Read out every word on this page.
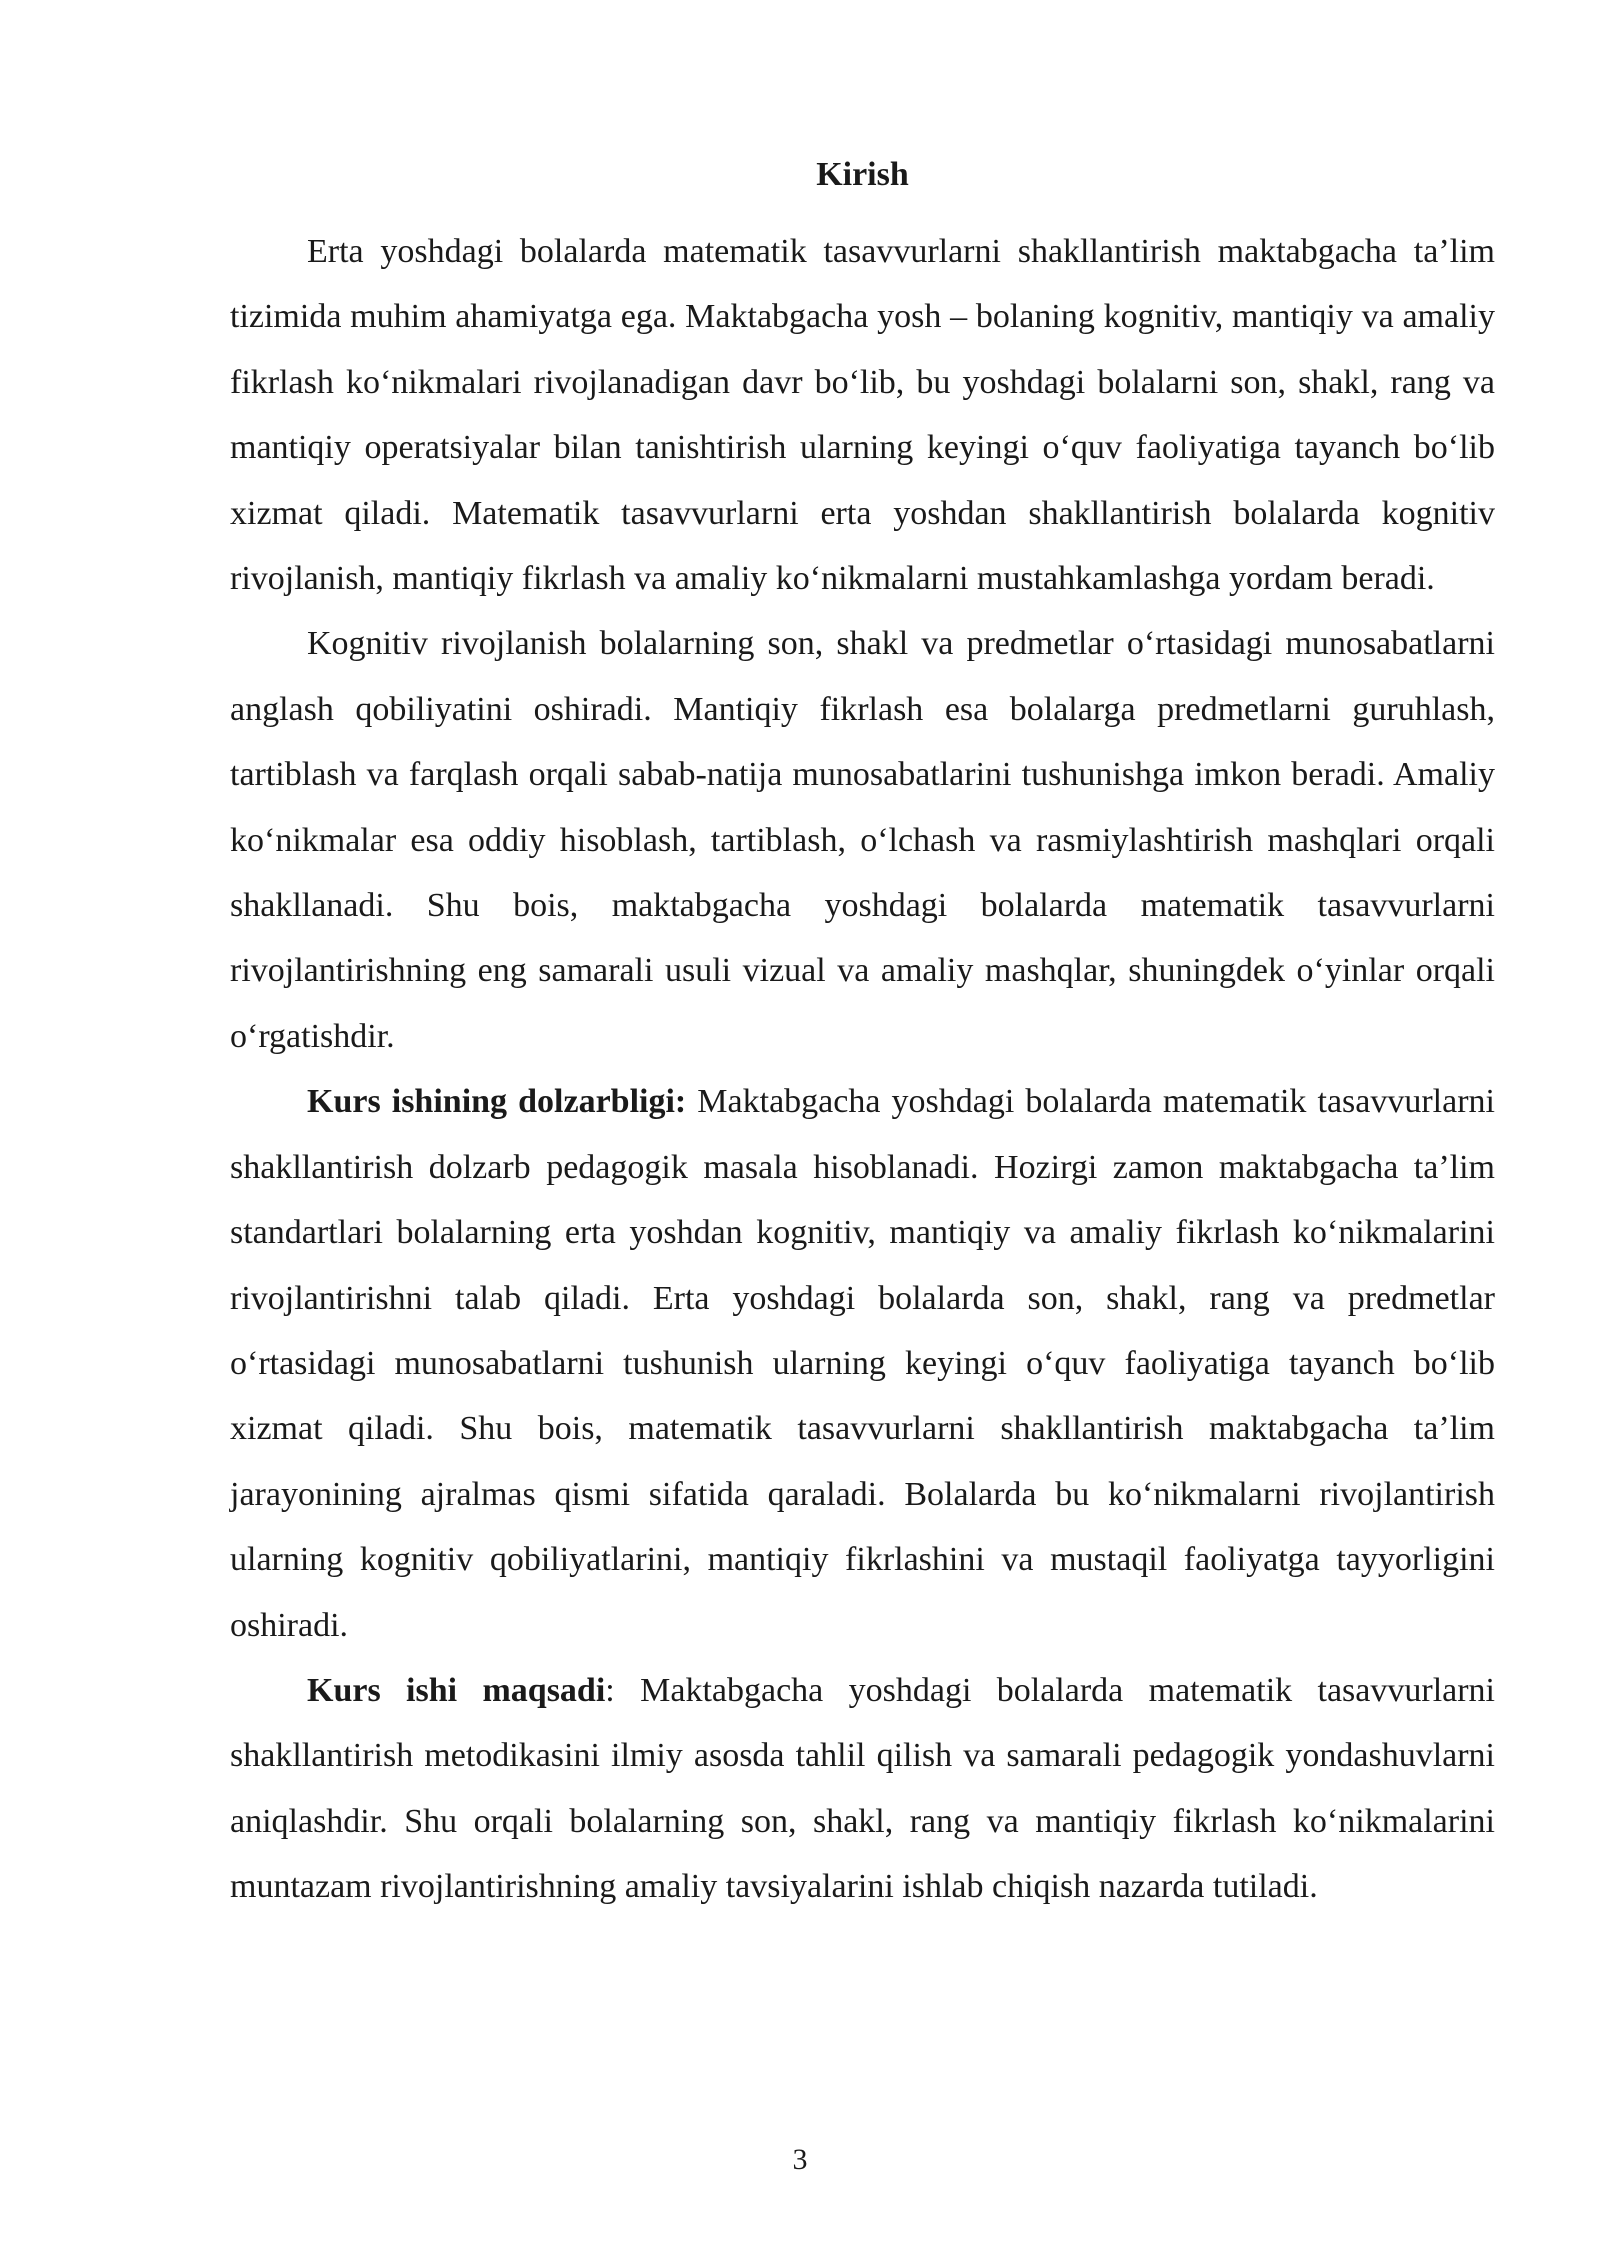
Kirish

Erta yoshdagi bolalarda matematik tasavvurlarni shakllantirish maktabgacha ta’lim tizimida muhim ahamiyatga ega. Maktabgacha yosh – bolaning kognitiv, mantiqiy va amaliy fikrlash koʻnikmalari rivojlanadigan davr boʻlib, bu yoshdagi bolalarni son, shakl, rang va mantiqiy operatsiyalar bilan tanishtirish ularning keyingi oʻquv faoliyatiga tayanch boʻlib xizmat qiladi. Matematik tasavvurlarni erta yoshdan shakllantirish bolalarda kognitiv rivojlanish, mantiqiy fikrlash va amaliy koʻnikmalarni mustahkamlashga yordam beradi.

Kognitiv rivojlanish bolalarning son, shakl va predmetlar oʻrtasidagi munosabatlarni anglash qobiliyatini oshiradi. Mantiqiy fikrlash esa bolalarga predmetlarni guruhlash, tartiblash va farqlash orqali sabab-natija munosabatlarini tushunishga imkon beradi. Amaliy koʻnikmalar esa oddiy hisoblash, tartiblash, oʻlchash va rasmiylashtirish mashqlari orqali shakllanadi. Shu bois, maktabgacha yoshdagi bolalarda matematik tasavvurlarni rivojlantirishning eng samarali usuli vizual va amaliy mashqlar, shuningdek oʻyinlar orqali oʻrgatishdir.

Kurs ishining dolzarbligi: Maktabgacha yoshdagi bolalarda matematik tasavvurlarni shakllantirish dolzarb pedagogik masala hisoblanadi. Hozirgi zamon maktabgacha ta’lim standartlari bolalarning erta yoshdan kognitiv, mantiqiy va amaliy fikrlash koʻnikmalarini rivojlantirishni talab qiladi. Erta yoshdagi bolalarda son, shakl, rang va predmetlar oʻrtasidagi munosabatlarni tushunish ularning keyingi oʻquv faoliyatiga tayanch boʻlib xizmat qiladi. Shu bois, matematik tasavvurlarni shakllantirish maktabgacha ta’lim jarayonining ajralmas qismi sifatida qaraladi. Bolalarda bu koʻnikmalarni rivojlantirish ularning kognitiv qobiliyatlarini, mantiqiy fikrlashini va mustaqil faoliyatga tayyorligini oshiradi.

Kurs ishi maqsadi: Maktabgacha yoshdagi bolalarda matematik tasavvurlarni shakllantirish metodikasini ilmiy asosda tahlil qilish va samarali pedagogik yondashuvlarni aniqlashdir. Shu orqali bolalarning son, shakl, rang va mantiqiy fikrlash koʻnikmalarini muntazam rivojlantirishning amaliy tavsiyalarini ishlab chiqish nazarda tutiladi.

3
